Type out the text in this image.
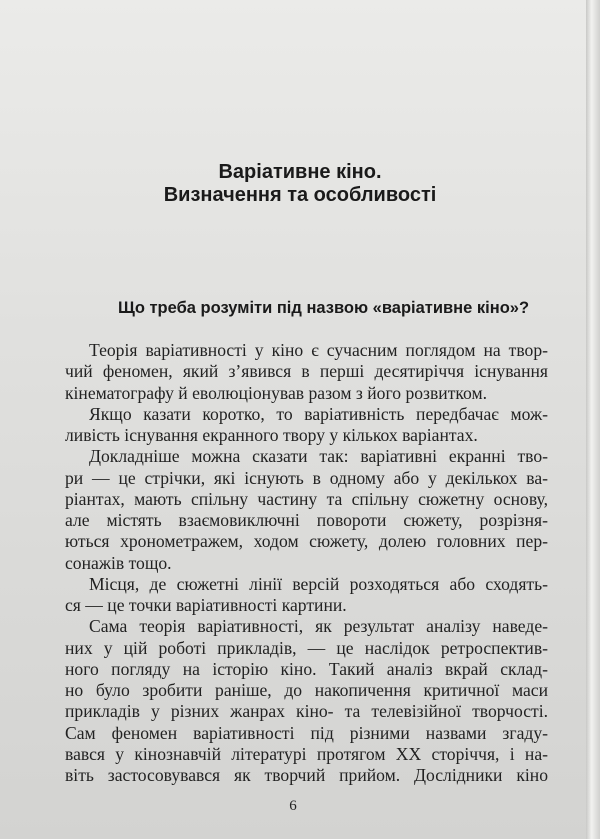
Варіативне кіно.
Визначення та особливості
Що треба розуміти під назвою «варіативне кіно»?
Теорія варіативності у кіно є сучасним поглядом на твор-
чий феномен, який з’явився в перші десятиріччя існування
кінематографу й еволюціонував разом з його розвитком.
Якщо казати коротко, то варіативність передбачає мож-
ливість існування екранного твору у кількох варіантах.
Докладніше можна сказати так: варіативні екранні тво-
ри — це стрічки, які існують в одному або у декількох ва-
ріантах, мають спільну частину та спільну сюжетну основу,
але містять взаємовиключні повороти сюжету, розрізня-
ються хронометражем, ходом сюжету, долею головних пер-
сонажів тощо.
Місця, де сюжетні лінії версій розходяться або сходять-
ся — це точки варіативності картини.
Сама теорія варіативності, як результат аналізу наведе-
них у цій роботі прикладів, — це наслідок ретроспектив-
ного погляду на історію кіно. Такий аналіз вкрай склад-
но було зробити раніше, до накопичення критичної маси
прикладів у різних жанрах кіно- та телевізійної творчості.
Сам феномен варіативності під різними назвами згаду-
вався у кінознавчій літературі протягом XX сторіччя, і на-
віть застосовувався як творчий прийом. Дослідники кіно
6
